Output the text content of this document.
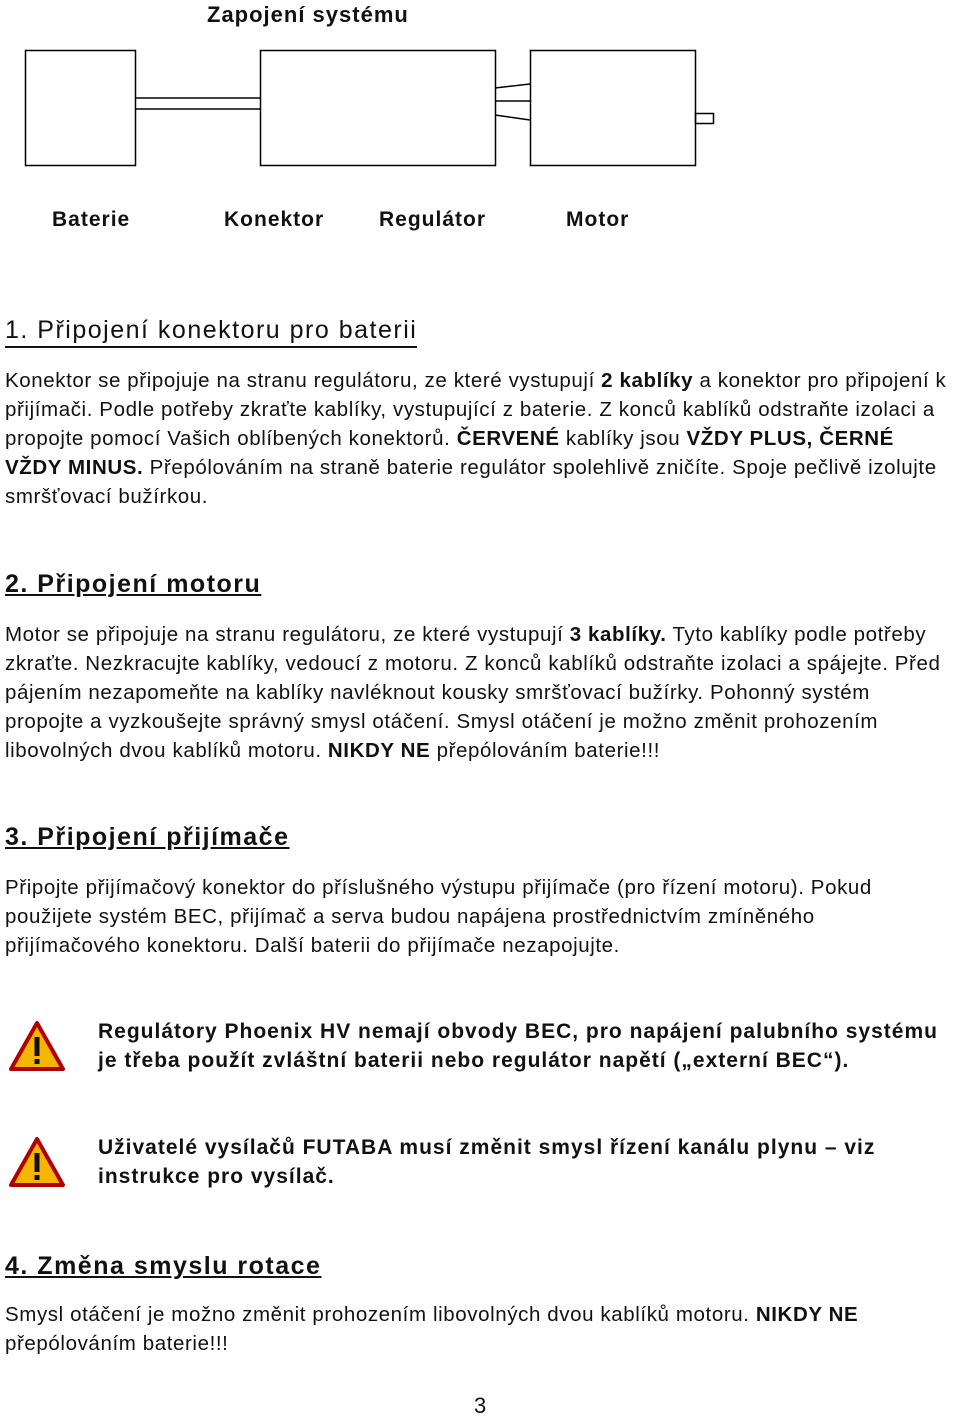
Zapojení systému
Baterie	Konektor	Regulátor	Motor
1. Připojení konektoru pro baterii
Konektor se připojuje na stranu regulátoru, ze které vystupují 2 kablíky a konektor pro připojení k přijímači. Podle potřeby zkraťte kablíky, vystupující z baterie. Z konců kablíků odstraňte izolaci a propojte pomocí Vašich oblíbených konektorů. ČERVENÉ kablíky jsou VŽDY PLUS, ČERNÉ VŽDY MINUS. Přepólováním na straně baterie regulátor spolehlivě zničíte. Spoje pečlivě izolujte smršťovací bužírkou.
2. Připojení motoru
Motor se připojuje na stranu regulátoru, ze které vystupují 3 kablíky. Tyto kablíky podle potřeby zkraťte. Nezkracujte kablíky, vedoucí z motoru. Z konců kablíků odstraňte izolaci a spájejte. Před pájením nezapomeňte na kablíky navléknout kousky smršťovací bužírky. Pohonný systém propojte a vyzkoušejte správný smysl otáčení. Smysl otáčení je možno změnit prohozením libovolných dvou kablíků motoru. NIKDY NE přepólováním baterie!!!
3. Připojení přijímače
Připojte přijímačový konektor do příslušného výstupu přijímače (pro řízení motoru). Pokud použijete systém BEC, přijímač a serva budou napájena prostřednictvím zmíněného přijímačového konektoru. Další baterii do přijímače nezapojujte.
Regulátory Phoenix HV nemají obvody BEC, pro napájení palubního systému je třeba použít zvláštní baterii nebo regulátor napětí („externí BEC“).
Uživatelé vysílačů FUTABA musí změnit smysl řízení kanálu plynu – viz instrukce pro vysílač.
4. Změna smyslu rotace
Smysl otáčení je možno změnit prohozením libovolných dvou kablíků motoru. NIKDY NE přepólováním baterie!!!
3
